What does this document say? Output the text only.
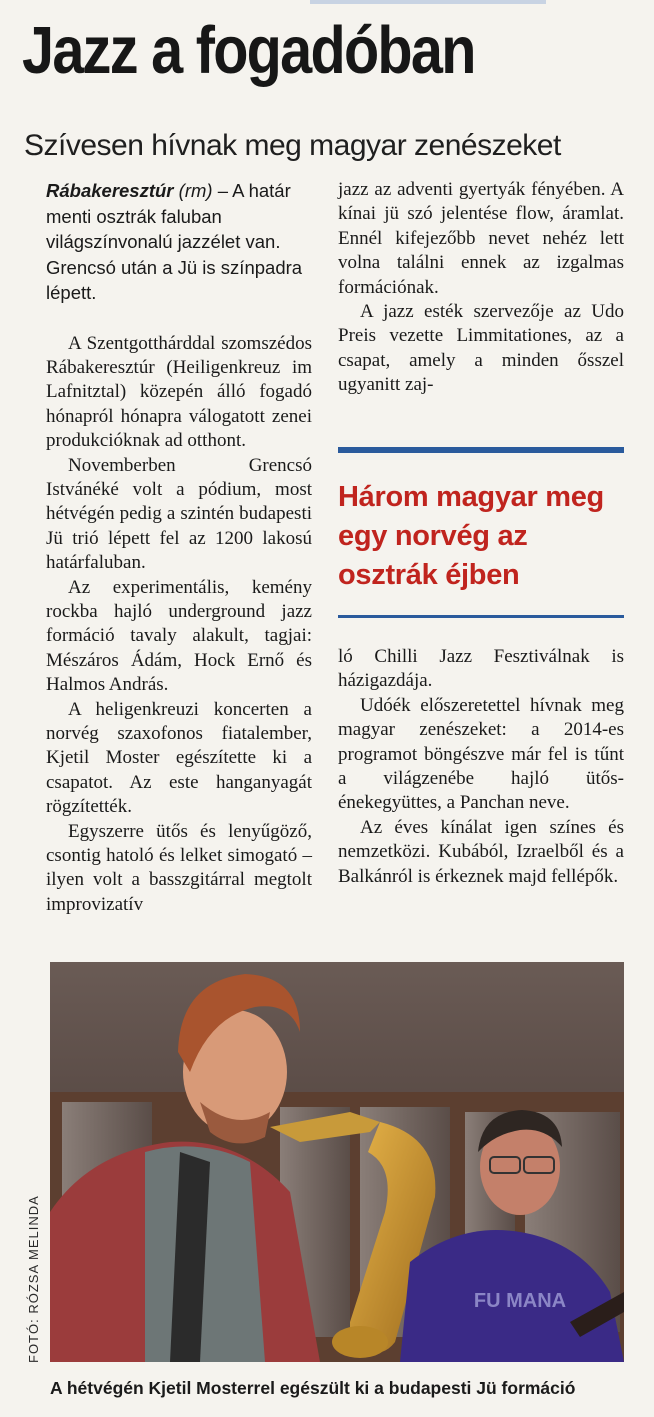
Jazz a fogadóban
Szívesen hívnak meg magyar zenészeket

Rábakeresztúr (rm) – A határ menti osztrák faluban világszínvonalú jazzélet van. Grencsó után a Jü is színpadra lépett.

A Szentgotthárddal szomszédos Rábakeresztúr (Heiligenkreuz im Lafnitztal) közepén álló fogadó hónapról hónapra válogatott zenei produkcióknak ad otthont.

Novemberben Grencsó Istvánéké volt a pódium, most hétvégén pedig a szintén budapesti Jü trió lépett fel az 1200 lakosú határfaluban.

Az experimentális, kemény rockba hajló underground jazz formáció tavaly alakult, tagjai: Mészáros Ádám, Hock Ernő és Halmos András.

A heligenkreuzi koncerten a norvég szaxofonos fiatalember, Kjetil Moster egészítette ki a csapatot. Az este hanganyagát rögzítették.

Egyszerre ütős és lenyűgöző, csontig hatoló és lelket simogató – ilyen volt a basszgitárral megtolt improvizatív

jazz az adventi gyertyák fényében. A kínai jü szó jelentése flow, áramlat. Ennél kifejezőbb nevet nehéz lett volna találni ennek az izgalmas formációnak.

A jazz esték szervezője az Udo Preis vezette Limmitationes, az a csapat, amely a minden ősszel ugyanitt zaj-

Három magyar meg egy norvég az osztrák éjben

ló Chilli Jazz Fesztiválnak is házigazdája.

Udóék előszeretettel hívnak meg magyar zenészeket: a 2014-es programot böngészve már fel is tűnt a világzenébe hajló ütős-énekegyüttes, a Panchan neve.

Az éves kínálat igen színes és nemzetközi. Kubából, Izraelből és a Balkánról is érkeznek majd fellépők.

FU MANA
FOTÓ: RÓZSA MELINDA
A hétvégén Kjetil Mosterrel egészült ki a budapesti Jü formáció
